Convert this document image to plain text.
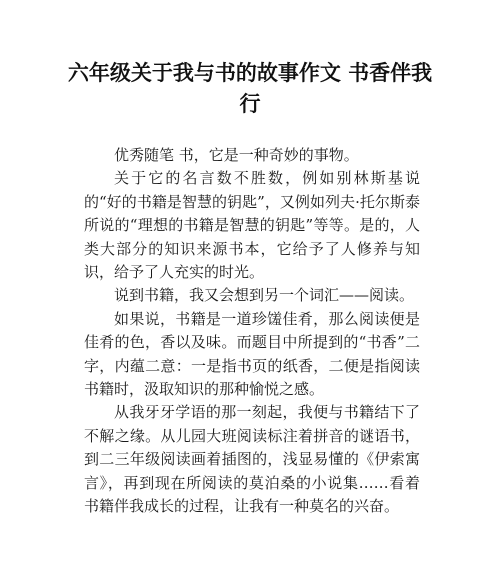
六年级关于我与书的故事作文 书香伴我行

优秀随笔 书，它是一种奇妙的事物。

关于它的名言数不胜数，例如别林斯基说的“好的书籍是智慧的钥匙”，又例如列夫·托尔斯泰所说的“理想的书籍是智慧的钥匙”等等。是的，人类大部分的知识来源书本，它给予了人修养与知识，给予了人充实的时光。

说到书籍，我又会想到另一个词汇——阅读。

如果说，书籍是一道珍馐佳肴，那么阅读便是佳肴的色，香以及味。而题目中所提到的“书香”二字，内蕴二意：一是指书页的纸香，二便是指阅读书籍时，汲取知识的那种愉悦之感。

从我牙牙学语的那一刻起，我便与书籍结下了不解之缘。从儿园大班阅读标注着拼音的谜语书，到二三年级阅读画着插图的，浅显易懂的《伊索寓言》，再到现在所阅读的莫泊桑的小说集……看着书籍伴我成长的过程，让我有一种莫名的兴奋。
